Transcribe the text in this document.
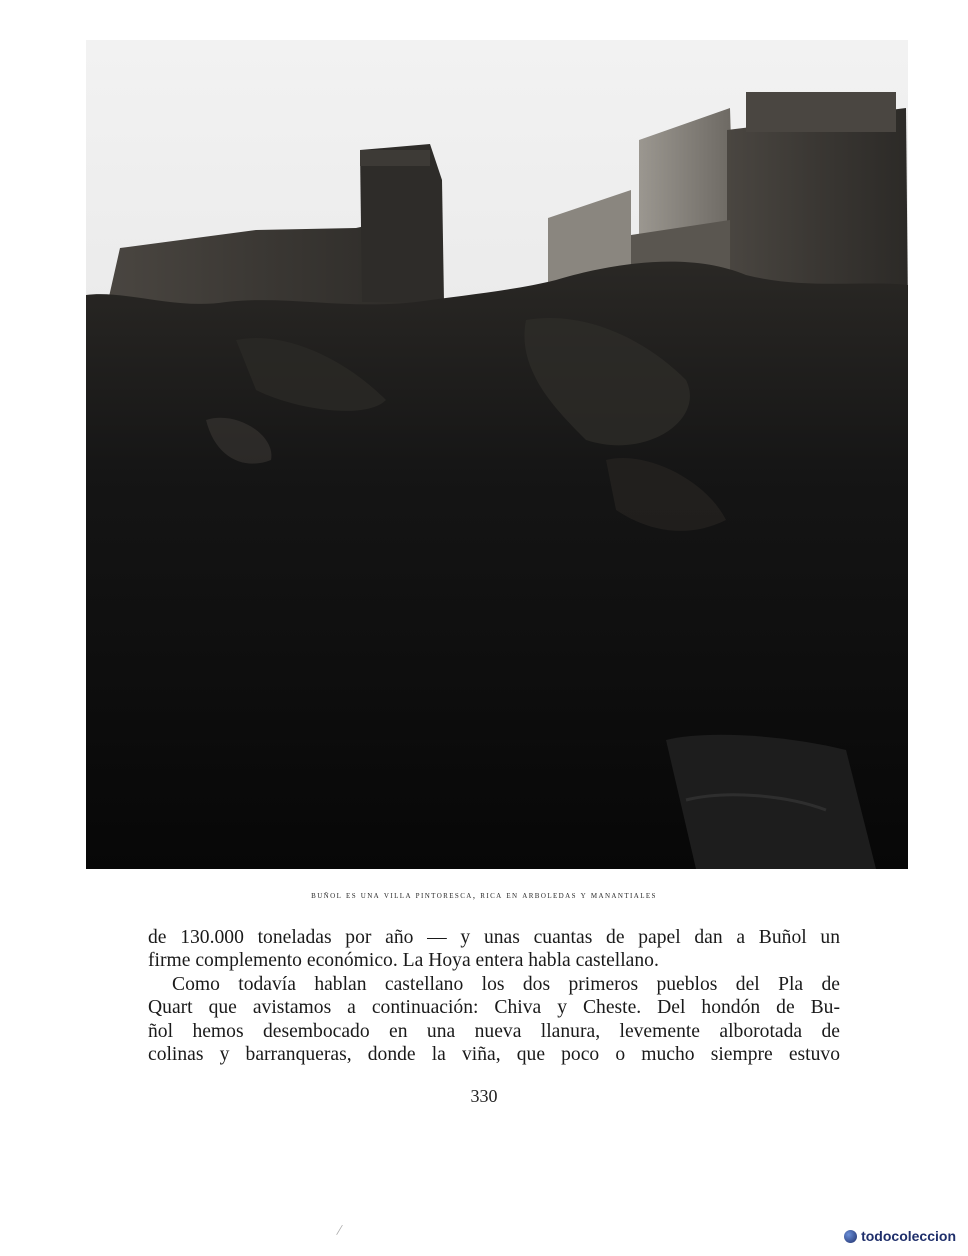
buñol es una villa pintoresca, rica en arboledas y manantiales
de 130.000 toneladas por año — y unas cuantas de papel dan a Buñol un
firme complemento económico. La Hoya entera habla castellano.
Como todavía hablan castellano los dos primeros pueblos del Pla de
Quart que avistamos a continuación: Chiva y Cheste. Del hondón de Bu-
ñol hemos desembocado en una nueva llanura, levemente alborotada de
colinas y barranqueras, donde la viña, que poco o mucho siempre estuvo
330
/	todocoleccion
